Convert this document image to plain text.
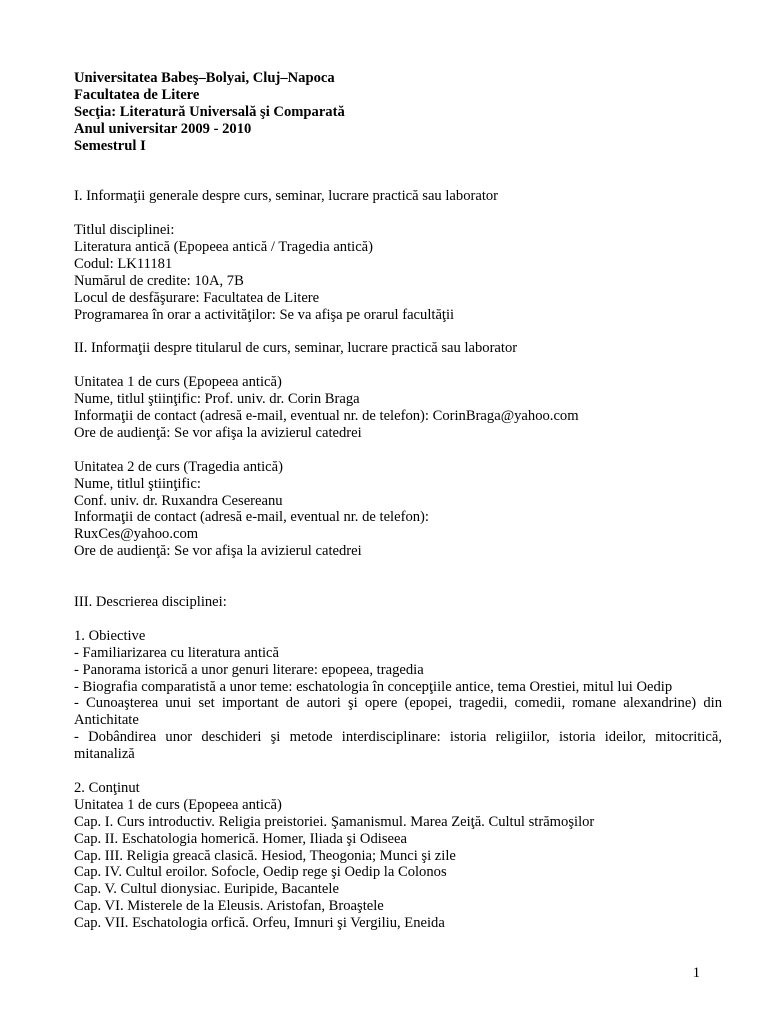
Universitatea Babeş–Bolyai, Cluj–Napoca
Facultatea de Litere
Secţia: Literatură Universală şi Comparată
Anul universitar 2009 - 2010
Semestrul I
I. Informaţii generale despre curs, seminar, lucrare practică sau laborator
Titlul disciplinei:
Literatura antică (Epopeea antică / Tragedia antică)
Codul: LK11181
Numărul de credite: 10A, 7B
Locul de desfăşurare: Facultatea de Litere
Programarea în orar a activităţilor: Se va afişa pe orarul facultăţii
II. Informaţii despre titularul de curs, seminar, lucrare practică sau laborator
Unitatea 1 de curs (Epopeea antică)
Nume, titlul ştiinţific: Prof. univ. dr. Corin Braga
Informaţii de contact (adresă e-mail, eventual nr. de telefon): CorinBraga@yahoo.com
Ore de audienţă: Se vor afişa la avizierul catedrei
Unitatea 2 de curs (Tragedia antică)
Nume, titlul ştiinţific:
Conf. univ. dr. Ruxandra Cesereanu
Informaţii de contact (adresă e-mail, eventual nr. de telefon):
RuxCes@yahoo.com
Ore de audienţă: Se vor afişa la avizierul catedrei
III. Descrierea disciplinei:
1. Obiective
- Familiarizarea cu literatura antică
- Panorama istorică a unor genuri literare: epopeea, tragedia
- Biografia comparatistă a unor teme: eschatologia în concepţiile antice, tema Orestiei, mitul lui Oedip
- Cunoaşterea unui set important de autori şi opere (epopei, tragedii, comedii, romane alexandrine) din Antichitate
- Dobândirea unor deschideri şi metode interdisciplinare: istoria religiilor, istoria ideilor, mitocritică, mitanaliză
2. Conţinut
Unitatea 1 de curs (Epopeea antică)
Cap. I. Curs introductiv. Religia preistoriei. Şamanismul. Marea Zeiţă. Cultul strămoşilor
Cap. II. Eschatologia homerică. Homer, Iliada şi Odiseea
Cap. III. Religia greacă clasică. Hesiod, Theogonia; Munci şi zile
Cap. IV. Cultul eroilor. Sofocle, Oedip rege şi Oedip la Colonos
Cap. V. Cultul dionysiac. Euripide, Bacantele
Cap. VI. Misterele de la Eleusis. Aristofan, Broaştele
Cap. VII. Eschatologia orfică. Orfeu, Imnuri şi Vergiliu, Eneida
1
